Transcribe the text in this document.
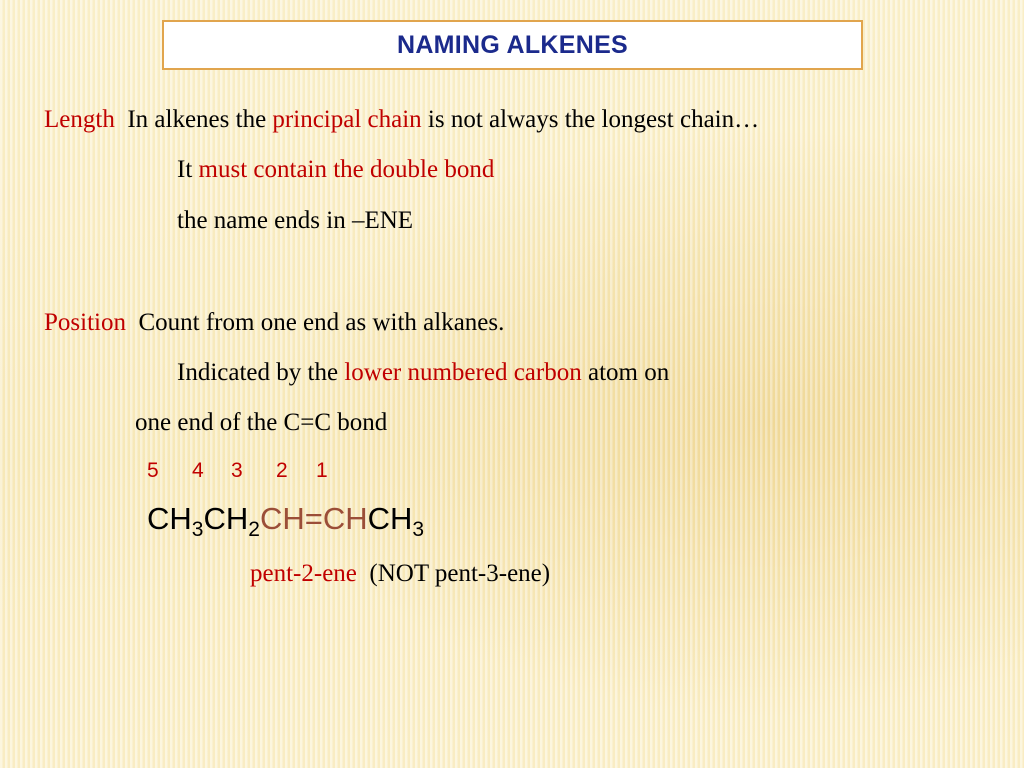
NAMING ALKENES
Length In alkenes the principal chain is not always the longest chain…
It must contain the double bond
the name ends in –ENE
Position Count from one end as with alkanes.
Indicated by the lower numbered carbon atom on
one end of the C=C bond
5 4 3 2 1
$CH_3CH_2CH=CHCH_3$
pent-2-ene (NOT pent-3-ene)
